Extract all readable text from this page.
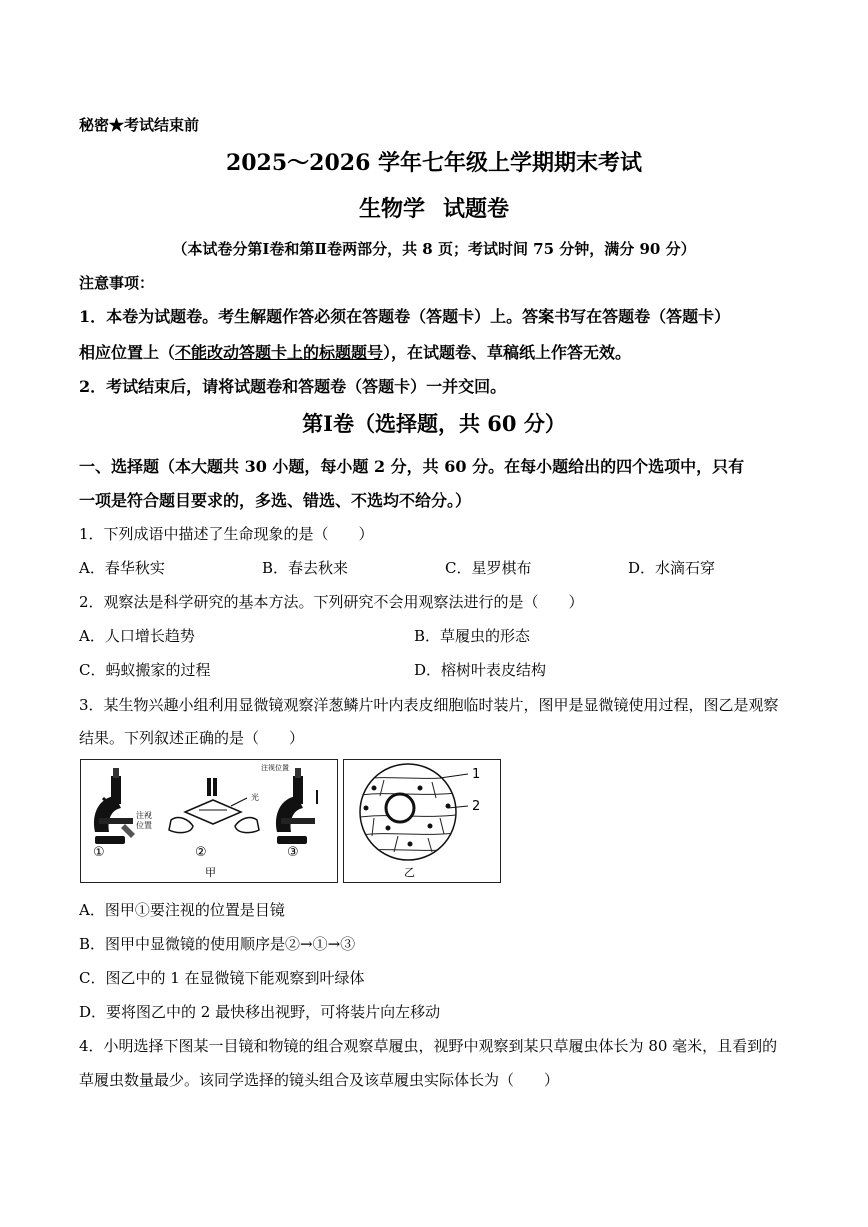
秘密★考试结束前
2025～2026 学年七年级上学期期末考试
生物学 试题卷
（本试卷分第Ⅰ卷和第Ⅱ卷两部分，共 8 页；考试时间 75 分钟，满分 90 分）
注意事项：
1．本卷为试题卷。考生解题作答必须在答题卷（答题卡）上。答案书写在答题卷（答题卡）
相应位置上（不能改动答题卡上的标题题号），在试题卷、草稿纸上作答无效。
2．考试结束后，请将试题卷和答题卷（答题卡）一并交回。
第Ⅰ卷（选择题，共 60 分）
一、选择题（本大题共 30 小题，每小题 2 分，共 60 分。在每小题给出的四个选项中，只有
一项是符合题目要求的，多选、错选、不选均不给分。）
1．下列成语中描述了生命现象的是（　　）
A．春华秋实	B．春去秋来	C．星罗棋布	D．水滴石穿
2．观察法是科学研究的基本方法。下列研究不会用观察法进行的是（　　）
A．人口增长趋势	B．草履虫的形态
C．蚂蚁搬家的过程	D．榕树叶表皮结构
3．某生物兴趣小组利用显微镜观察洋葱鳞片叶内表皮细胞临时装片，图甲是显微镜使用过程，图乙是观察
结果。下列叙述正确的是（　　）
注视
位置
光
注视位置
①	②	③
甲
1
2
乙
A．图甲①要注视的位置是目镜
B．图甲中显微镜的使用顺序是②→①→③
C．图乙中的 1 在显微镜下能观察到叶绿体
D．要将图乙中的 2 最快移出视野，可将装片向左移动
4．小明选择下图某一目镜和物镜的组合观察草履虫，视野中观察到某只草履虫体长为 80 毫米，且看到的
草履虫数量最少。该同学选择的镜头组合及该草履虫实际体长为（　　）
